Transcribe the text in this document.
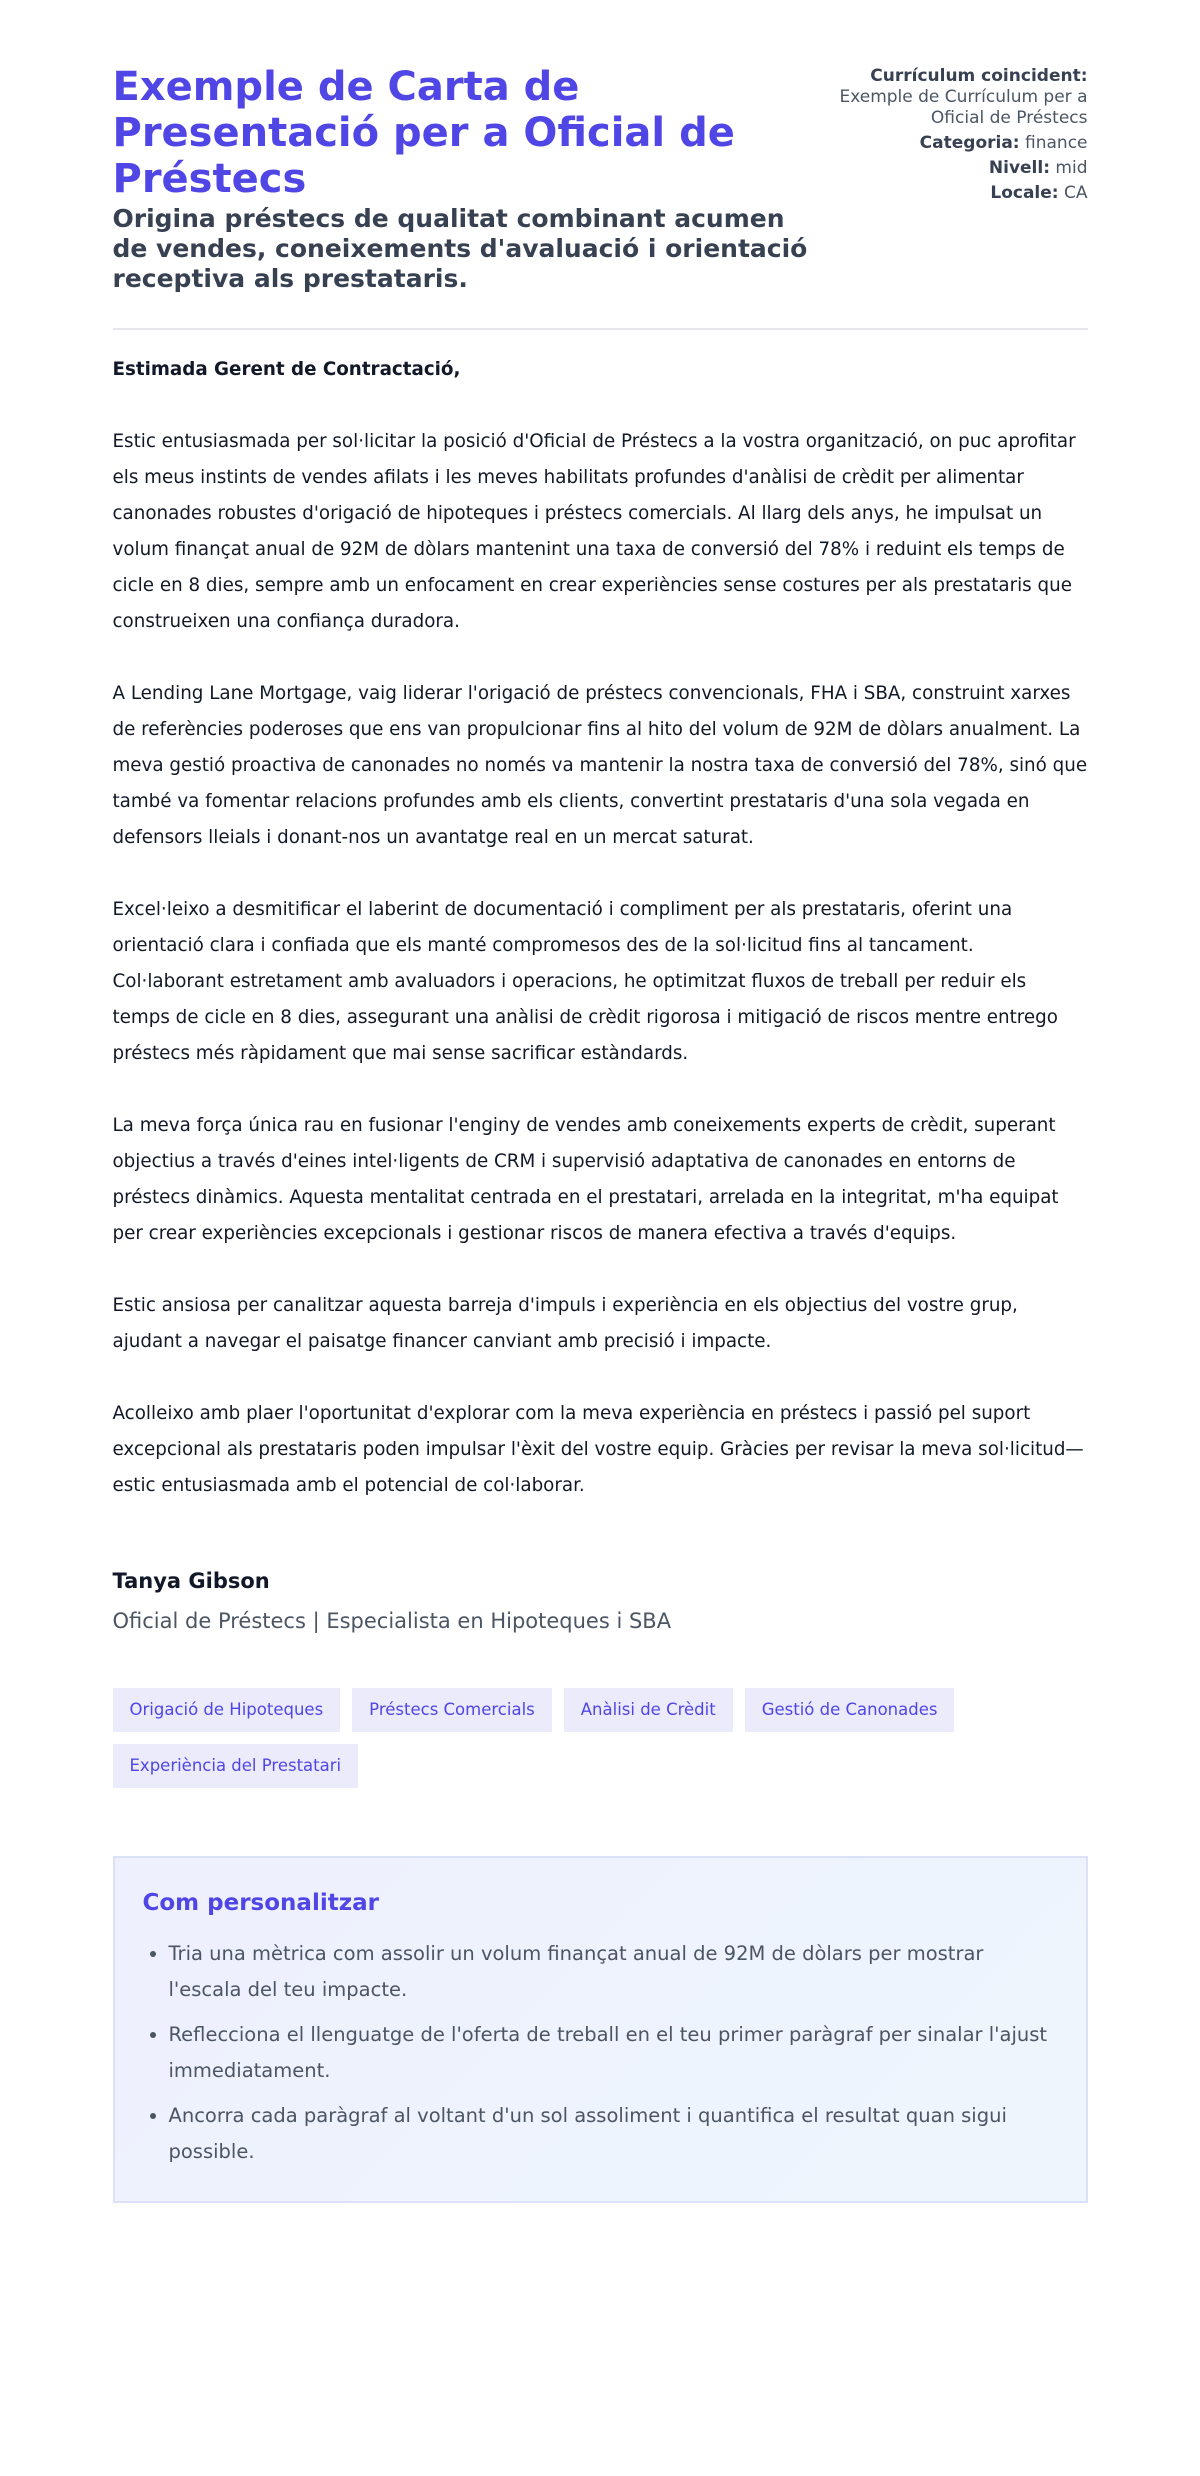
Exemple de Carta de Presentació per a Oficial de Préstecs

Origina préstecs de qualitat combinant acumen de vendes, coneixements d'avaluació i orientació receptiva als prestataris.

Currículum coincident:
Exemple de Currículum per a Oficial de Préstecs
Categoria: finance
Nivell: mid
Locale: CA

Estimada Gerent de Contractació,

Estic entusiasmada per sol·licitar la posició d'Oficial de Préstecs a la vostra organització, on puc aprofitar els meus instints de vendes afilats i les meves habilitats profundes d'anàlisi de crèdit per alimentar canonades robustes d'origació de hipoteques i préstecs comercials. Al llarg dels anys, he impulsat un volum finançat anual de 92M de dòlars mantenint una taxa de conversió del 78% i reduint els temps de cicle en 8 dies, sempre amb un enfocament en crear experiències sense costures per als prestataris que construeixen una confiança duradora.

A Lending Lane Mortgage, vaig liderar l'origació de préstecs convencionals, FHA i SBA, construint xarxes de referències poderoses que ens van propulcionar fins al hito del volum de 92M de dòlars anualment. La meva gestió proactiva de canonades no només va mantenir la nostra taxa de conversió del 78%, sinó que també va fomentar relacions profundes amb els clients, convertint prestataris d'una sola vegada en defensors lleials i donant-nos un avantatge real en un mercat saturat.

Excel·leixo a desmitificar el laberint de documentació i compliment per als prestataris, oferint una orientació clara i confiada que els manté compromesos des de la sol·licitud fins al tancament. Col·laborant estretament amb avaluadors i operacions, he optimitzat fluxos de treball per reduir els temps de cicle en 8 dies, assegurant una anàlisi de crèdit rigorosa i mitigació de riscos mentre entrego préstecs més ràpidament que mai sense sacrificar estàndards.

La meva força única rau en fusionar l'enginy de vendes amb coneixements experts de crèdit, superant objectius a través d'eines intel·ligents de CRM i supervisió adaptativa de canonades en entorns de préstecs dinàmics. Aquesta mentalitat centrada en el prestatari, arrelada en la integritat, m'ha equipat per crear experiències excepcionals i gestionar riscos de manera efectiva a través d'equips.

Estic ansiosa per canalitzar aquesta barreja d'impuls i experiència en els objectius del vostre grup, ajudant a navegar el paisatge financer canviant amb precisió i impacte.

Acolleixo amb plaer l'oportunitat d'explorar com la meva experiència en préstecs i passió pel suport excepcional als prestataris poden impulsar l'èxit del vostre equip. Gràcies per revisar la meva sol·licitud—estic entusiasmada amb el potencial de col·laborar.

Tanya Gibson
Oficial de Préstecs | Especialista en Hipoteques i SBA
Origació de Hipoteques	Préstecs Comercials	Anàlisi de Crèdit	Gestió de Canonades
Experiència del Prestatari
Com personalitzar
• Tria una mètrica com assolir un volum finançat anual de 92M de dòlars per mostrar l'escala del teu impacte.
• Reflecciona el llenguatge de l'oferta de treball en el teu primer paràgraf per sinalar l'ajust immediatament.
• Ancorra cada paràgraf al voltant d'un sol assoliment i quantifica el resultat quan sigui possible.
